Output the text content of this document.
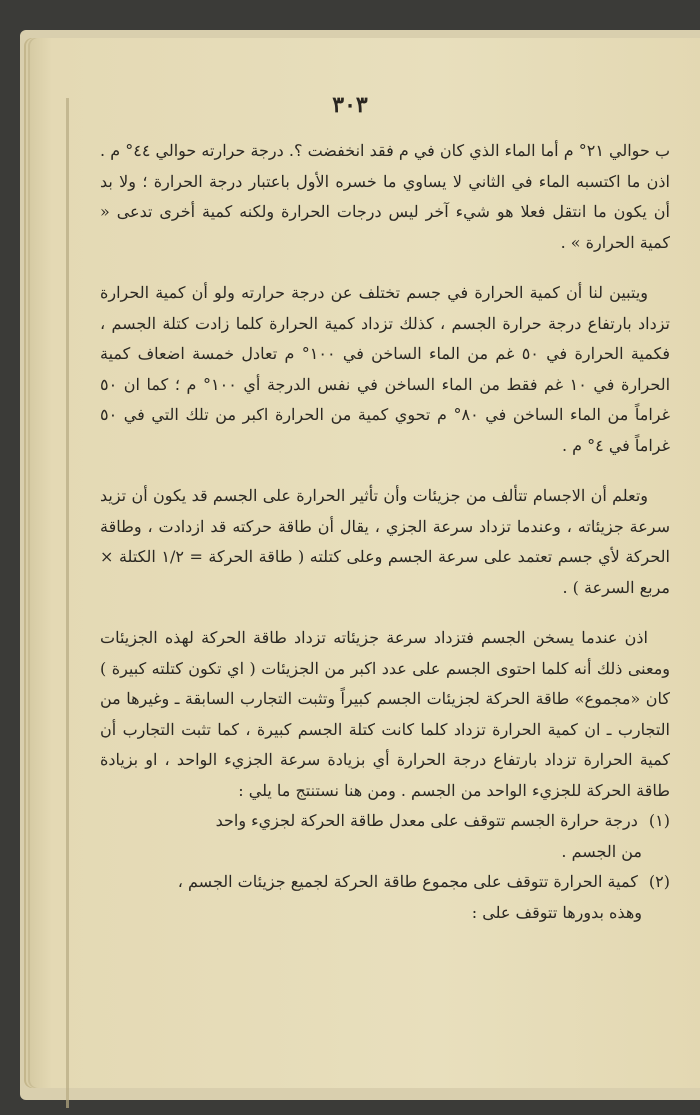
٣٠٣

ب حوالي ٢١° م أما الماء الذي كان في م فقد انخفضت ؟. درجة حرارته حوالي ٤٤° م . اذن ما اكتسبه الماء في الثاني لا يساوي ما خسره الأول باعتبار درجة الحرارة ؛ ولا بد أن يكون ما انتقل فعلا هو شيء آخر ليس درجات الحرارة ولكنه كمية أخرى تدعى « كمية الحرارة » .

ويتبين لنا أن كمية الحرارة في جسم تختلف عن درجة حرارته ولو أن كمية الحرارة تزداد بارتفاع درجة حرارة الجسم ، كذلك تزداد كمية الحرارة كلما زادت كتلة الجسم ، فكمية الحرارة في ٥٠ غم من الماء الساخن في ١٠٠° م تعادل خمسة اضعاف كمية الحرارة في ١٠ غم فقط من الماء الساخن في نفس الدرجة أي ١٠٠° م ؛ كما ان ٥٠ غراماً من الماء الساخن في ٨٠° م تحوي كمية من الحرارة اكبر من تلك التي في ٥٠ غراماً في ٤° م .

وتعلم أن الاجسام تتألف من جزيئات وأن تأثير الحرارة على الجسم قد يكون أن تزيد سرعة جزيئاته ، وعندما تزداد سرعة الجزي ، يقال أن طاقة حركته قد ازدادت ، وطاقة الحركة لأي جسم تعتمد على سرعة الجسم وعلى كتلته ( طاقة الحركة = ١/٢ الكتلة × مربع السرعة ) .

اذن عندما يسخن الجسم فتزداد سرعة جزيئاته تزداد طاقة الحركة لهذه الجزيئات ومعنى ذلك أنه كلما احتوى الجسم على عدد اكبر من الجزيئات ( اي تكون كتلته كبيرة ) كان «مجموع» طاقة الحركة لجزيئات الجسم كبيراً وتثبت التجارب السابقة ـ وغيرها من التجارب ـ ان كمية الحرارة تزداد كلما كانت كتلة الجسم كبيرة ، كما تثبت التجارب أن كمية الحرارة تزداد بارتفاع درجة الحرارة أي بزيادة سرعة الجزيء الواحد ، او بزيادة طاقة الحركة للجزيء الواحد من الجسم . ومن هنا نستنتج ما يلي :

(١) درجة حرارة الجسم تتوقف على معدل طاقة الحركة لجزيء واحد
من الجسم .
(٢) كمية الحرارة تتوقف على مجموع طاقة الحركة لجميع جزيئات الجسم ،
وهذه بدورها تتوقف على :
